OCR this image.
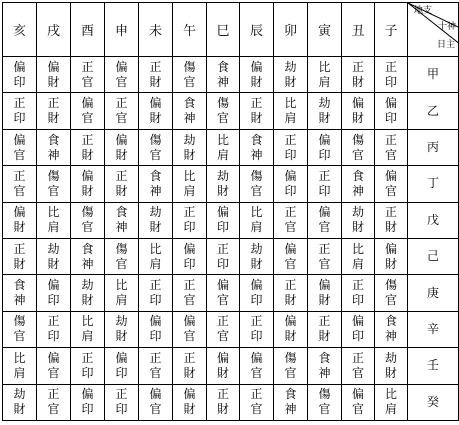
亥	戌	酉	申	未	午	巳	辰	卯	寅	丑	子	地支
十神
日主

偏印	偏財	正官	偏官	正財	傷官	食神	偏財	劫財	比肩	正財	正印	甲
正印	正財	偏官	正官	偏財	食神	傷官	正財	比肩	劫財	偏財	偏印	乙
偏官	食神	正財	偏財	傷官	劫財	比肩	食神	正印	偏印	傷官	正官	丙
正官	傷官	偏財	正財	食神	比肩	劫財	傷官	偏印	正印	食神	偏官	丁
偏財	比肩	傷官	食神	劫財	正印	偏印	比肩	正官	偏官	劫財	正財	戊
正財	劫財	食神	傷官	比肩	偏印	正印	劫財	偏官	正官	比肩	偏財	己
食神	偏印	劫財	比肩	正印	正官	偏官	偏印	正財	偏財	正印	傷官	庚
傷官	正印	比肩	劫財	偏印	偏官	正官	正印	偏財	正財	偏印	食神	辛
比肩	偏官	正印	偏印	正官	正財	偏財	偏官	傷官	食神	正官	劫財	壬
劫財	正官	偏印	正印	偏官	偏財	正財	正官	食神	傷官	偏官	比肩	癸
